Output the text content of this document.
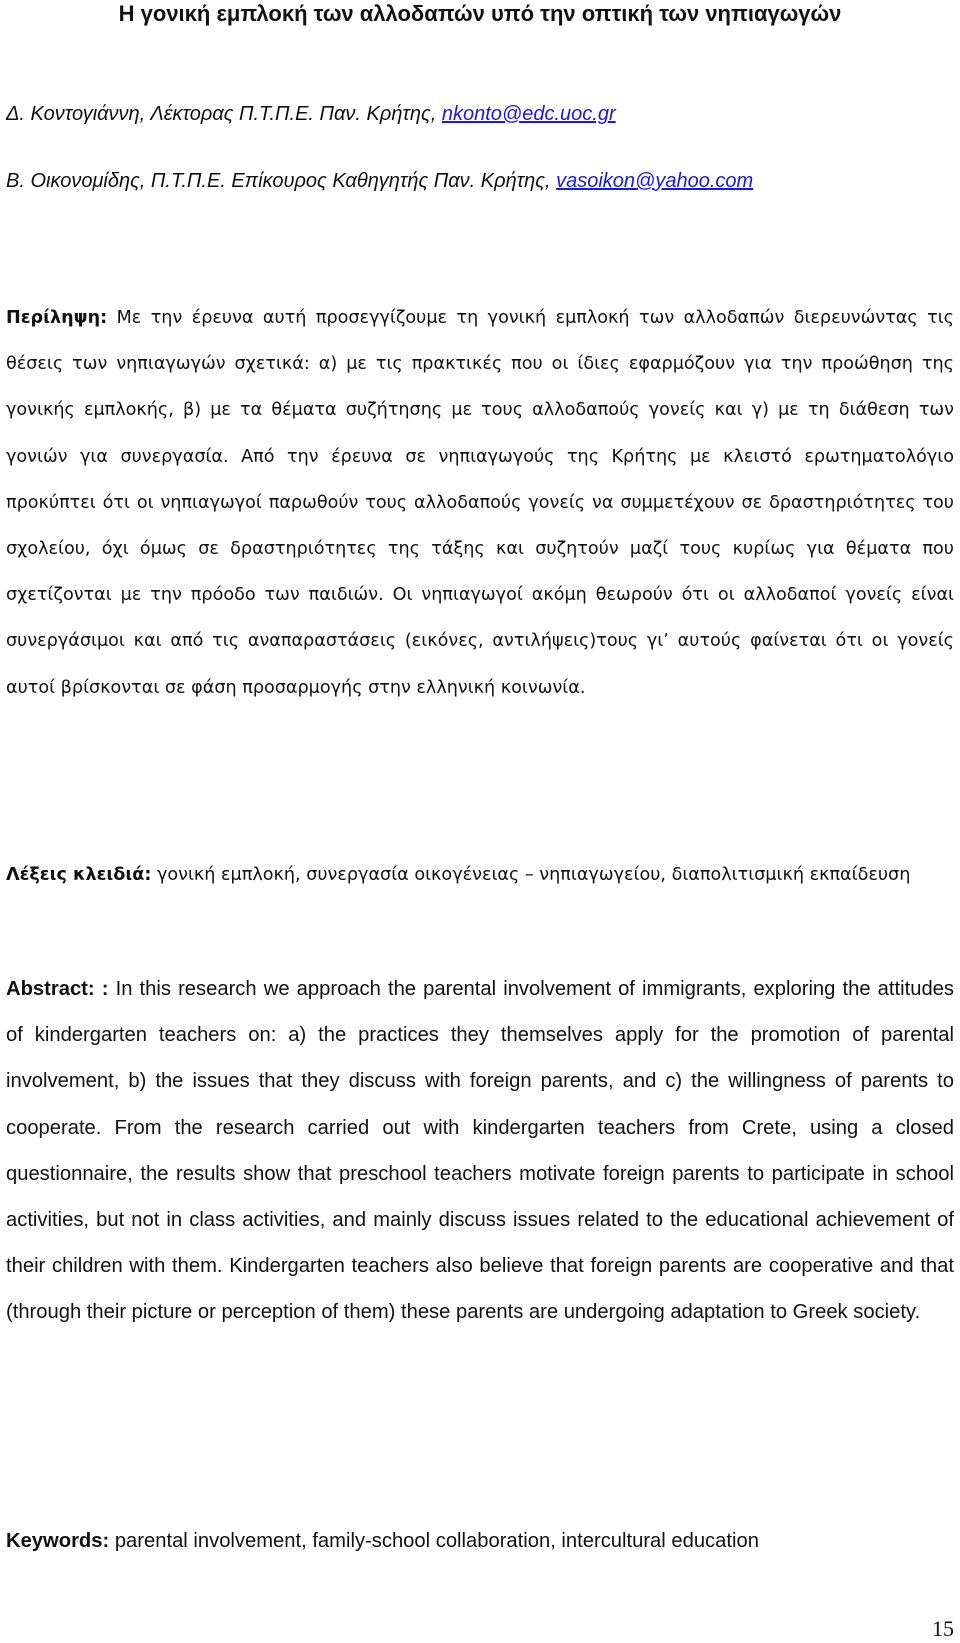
Η γονική εμπλοκή των αλλοδαπών υπό την οπτική των νηπιαγωγών

Δ. Κοντογιάννη, Λέκτορας Π.Τ.Π.Ε. Παν. Κρήτης, nkonto@edc.uoc.gr

Β. Οικονομίδης, Π.Τ.Π.Ε. Επίκουρος Καθηγητής Παν. Κρήτης, vasoikon@yahoo.com

Περίληψη: Με την έρευνα αυτή προσεγγίζουμε τη γονική εμπλοκή των αλλοδαπών διερευνώντας τις θέσεις των νηπιαγωγών σχετικά: α) με τις πρακτικές που οι ίδιες εφαρμόζουν για την προώθηση της γονικής εμπλοκής, β) με τα θέματα συζήτησης με τους αλλοδαπούς γονείς και γ) με τη διάθεση των γονιών για συνεργασία. Από την έρευνα σε νηπιαγωγούς της Κρήτης με κλειστό ερωτηματολόγιο προκύπτει ότι οι νηπιαγωγοί παρωθούν τους αλλοδαπούς γονείς να συμμετέχουν σε δραστηριότητες του σχολείου, όχι όμως σε δραστηριότητες της τάξης και συζητούν μαζί τους κυρίως για θέματα που σχετίζονται με την πρόοδο των παιδιών. Οι νηπιαγωγοί ακόμη θεωρούν ότι οι αλλοδαποί γονείς είναι συνεργάσιμοι και από τις αναπαραστάσεις (εικόνες, αντιλήψεις)τους γι’ αυτούς φαίνεται ότι οι γονείς αυτοί βρίσκονται σε φάση προσαρμογής στην ελληνική κοινωνία.

Λέξεις κλειδιά: γονική εμπλοκή, συνεργασία οικογένειας – νηπιαγωγείου, διαπολιτισμική εκπαίδευση

Abstract: : In this research we approach the parental involvement of immigrants, exploring the attitudes of kindergarten teachers on: a) the practices they themselves apply for the promotion of parental involvement, b) the issues that they discuss with foreign parents, and c) the willingness of parents to cooperate. From the research carried out with kindergarten teachers from Crete, using a closed questionnaire, the results show that preschool teachers motivate foreign parents to participate in school activities, but not in class activities, and mainly discuss issues related to the educational achievement of their children with them. Kindergarten teachers also believe that foreign parents are cooperative and that (through their picture or perception of them) these parents are undergoing adaptation to Greek society.

Keywords: parental involvement, family-school collaboration, intercultural education

15
